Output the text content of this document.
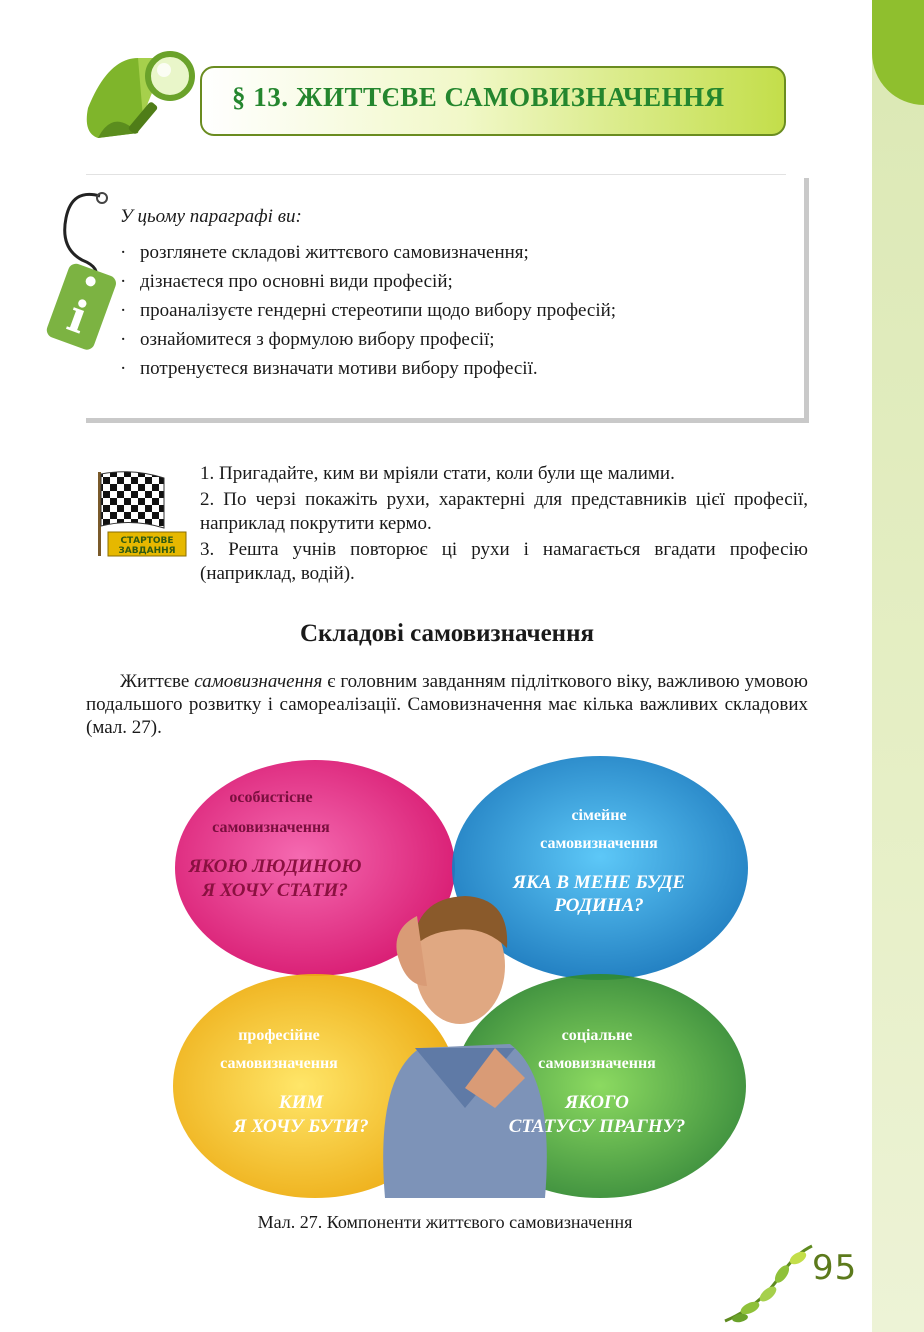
§ 13. ЖИТТЄВЕ САМОВИЗНАЧЕННЯ
У цьому параграфі ви:
· розглянете складові життєвого самовизначення;
· дізнаєтеся про основні види професій;
· проаналізуєте гендерні стереотипи щодо вибору професій;
· ознайомитеся з формулою вибору професії;
· потренуєтеся визначати мотиви вибору професії.
i
СТАРТОВЕ
ЗАВДАННЯ

1. Пригадайте, ким ви мріяли стати, коли були ще малими.

2. По черзі покажіть рухи, характерні для представників цієї професії, наприклад покрутити кермо.

3. Решта учнів повторює ці рухи і намагається вгадати професію (наприклад, водій).

Складові самовизначення

Життєве самовизначення є головним завданням підліткового віку, важливою умовою подальшого розвитку і самореалізації. Самовизначення має кілька важливих складових (мал. 27).

особистісне
самовизначення
ЯКОЮ ЛЮДИНОЮ
Я ХОЧУ СТАТИ?
сімейне
самовизначення
ЯКА В МЕНЕ БУДЕ
РОДИНА?
професійне
самовизначення
КИМ
Я ХОЧУ БУТИ?
соціальне
самовизначення
ЯКОГО
СТАТУСУ ПРАГНУ?
Мал. 27. Компоненти життєвого самовизначення
95
